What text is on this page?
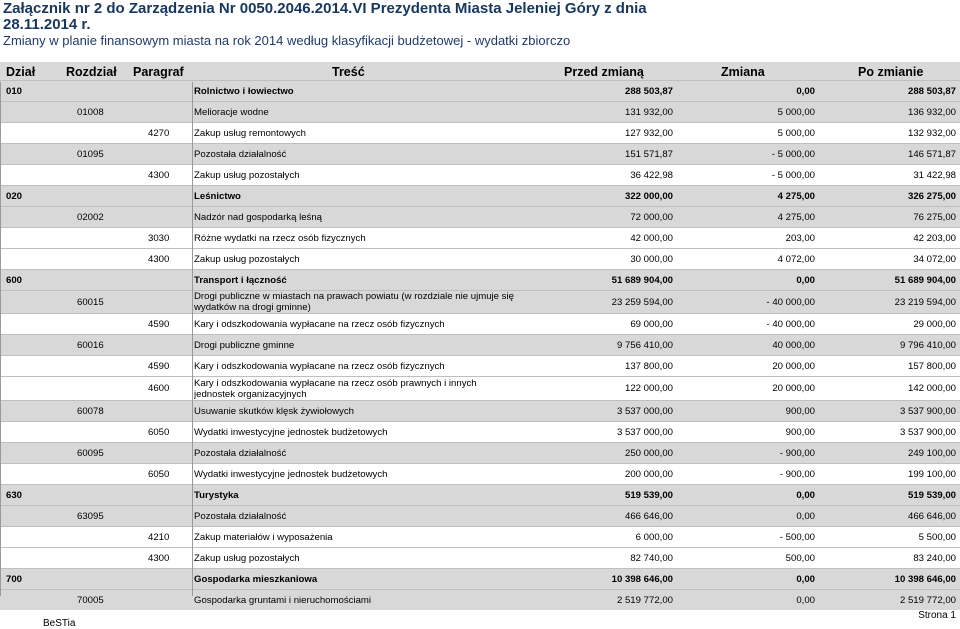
Załącznik nr 2 do Zarządzenia Nr 0050.2046.2014.VI Prezydenta Miasta Jeleniej Góry z dnia
28.11.2014 r.
Zmiany w planie finansowym miasta na rok 2014 według klasyfikacji budżetowej - wydatki zbiorczo
Dział Rozdział Paragraf	Treść	Przed zmianą	Zmiana	Po zmianie
010	Rolnictwo i łowiectwo	288 503,87	0,00	288 503,87
01008	Melioracje wodne	131 932,00	5 000,00	136 932,00
4270	Zakup usług remontowych	127 932,00	5 000,00	132 932,00
01095	Pozostała działalność	151 571,87	- 5 000,00	146 571,87
4300	Zakup usług pozostałych	36 422,98	- 5 000,00	31 422,98
020	Leśnictwo	322 000,00	4 275,00	326 275,00
02002	Nadzór nad gospodarką leśną	72 000,00	4 275,00	76 275,00
3030	Różne wydatki na rzecz osób fizycznych	42 000,00	203,00	42 203,00
4300	Zakup usług pozostałych	30 000,00	4 072,00	34 072,00
600	Transport i łączność	51 689 904,00	0,00	51 689 904,00
60015	Drogi publiczne w miastach na prawach powiatu (w rozdziale nie ujmuje się wydatków na drogi gminne)	23 259 594,00	- 40 000,00	23 219 594,00
4590	Kary i odszkodowania wypłacane na rzecz osób fizycznych	69 000,00	- 40 000,00	29 000,00
60016	Drogi publiczne gminne	9 756 410,00	40 000,00	9 796 410,00
4590	Kary i odszkodowania wypłacane na rzecz osób fizycznych	137 800,00	20 000,00	157 800,00
4600	Kary i odszkodowania wypłacane na rzecz osób prawnych i innych jednostek organizacyjnych	122 000,00	20 000,00	142 000,00
60078	Usuwanie skutków klęsk żywiołowych	3 537 000,00	900,00	3 537 900,00
6050	Wydatki inwestycyjne jednostek budżetowych	3 537 000,00	900,00	3 537 900,00
60095	Pozostała działalność	250 000,00	- 900,00	249 100,00
6050	Wydatki inwestycyjne jednostek budżetowych	200 000,00	- 900,00	199 100,00
630	Turystyka	519 539,00	0,00	519 539,00
63095	Pozostała działalność	466 646,00	0,00	466 646,00
4210	Zakup materiałów i wyposażenia	6 000,00	- 500,00	5 500,00
4300	Zakup usług pozostałych	82 740,00	500,00	83 240,00
700	Gospodarka mieszkaniowa	10 398 646,00	0,00	10 398 646,00
70005	Gospodarka gruntami i nieruchomościami	2 519 772,00	0,00	2 519 772,00
BeSTia
Strona 1
